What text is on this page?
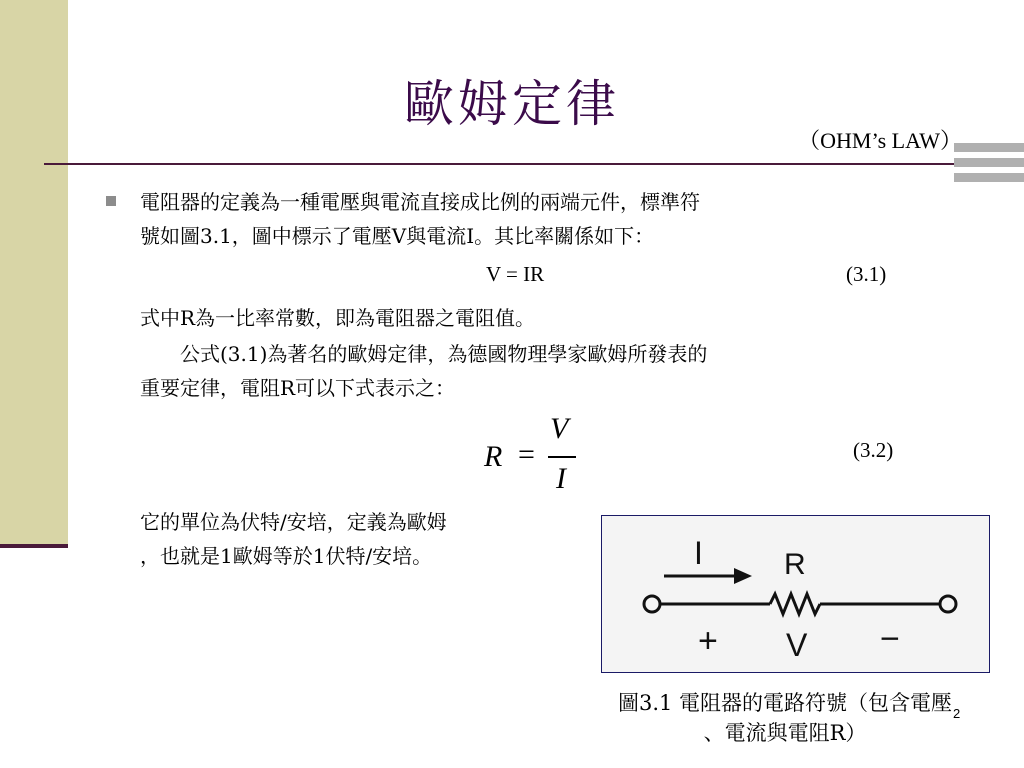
歐姆定律
（OHM’s LAW）
電阻器的定義為一種電壓與電流直接成比例的兩端元件，標準符
號如圖3.1，圖中標示了電壓V與電流I。其比率關係如下：
V = IR	(3.1)
式中R為一比率常數，即為電阻器之電阻值。
　　公式(3.1)為著名的歐姆定律，為德國物理學家歐姆所發表的
重要定律，電阻R可以下式表示之：
R =
V
I
(3.2)
它的單位為伏特/安培，定義為歐姆
，也就是1歐姆等於1伏特/安培。	I	R
+ V −
圖3.1 電阻器的電路符號（包含電壓
、電流與電阻R）
2
